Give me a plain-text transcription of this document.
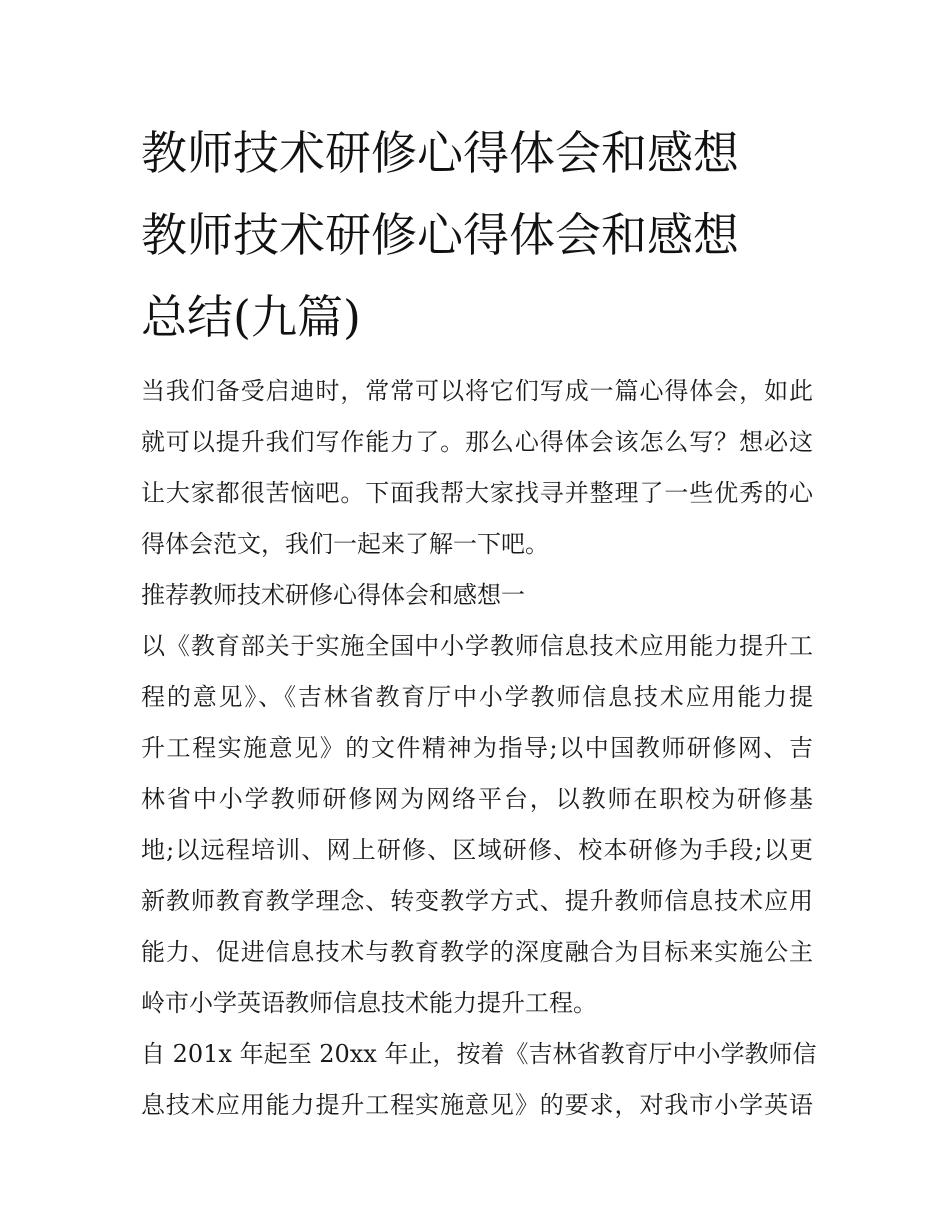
教师技术研修心得体会和感想
教师技术研修心得体会和感想
总结(九篇)

当我们备受启迪时，常常可以将它们写成一篇心得体会，如此
就可以提升我们写作能力了。那么心得体会该怎么写？想必这
让大家都很苦恼吧。下面我帮大家找寻并整理了一些优秀的心
得体会范文，我们一起来了解一下吧。

推荐教师技术研修心得体会和感想一

以《教育部关于实施全国中小学教师信息技术应用能力提升工
程的意见》、《吉林省教育厅中小学教师信息技术应用能力提
升工程实施意见》的文件精神为指导;以中国教师研修网、吉
林省中小学教师研修网为网络平台，以教师在职校为研修基
地;以远程培训、网上研修、区域研修、校本研修为手段;以更
新教师教育教学理念、转变教学方式、提升教师信息技术应用
能力、促进信息技术与教育教学的深度融合为目标来实施公主
岭市小学英语教师信息技术能力提升工程。

自 201x 年起至 20xx 年止，按着《吉林省教育厅中小学教师信
息技术应用能力提升工程实施意见》的要求，对我市小学英语
